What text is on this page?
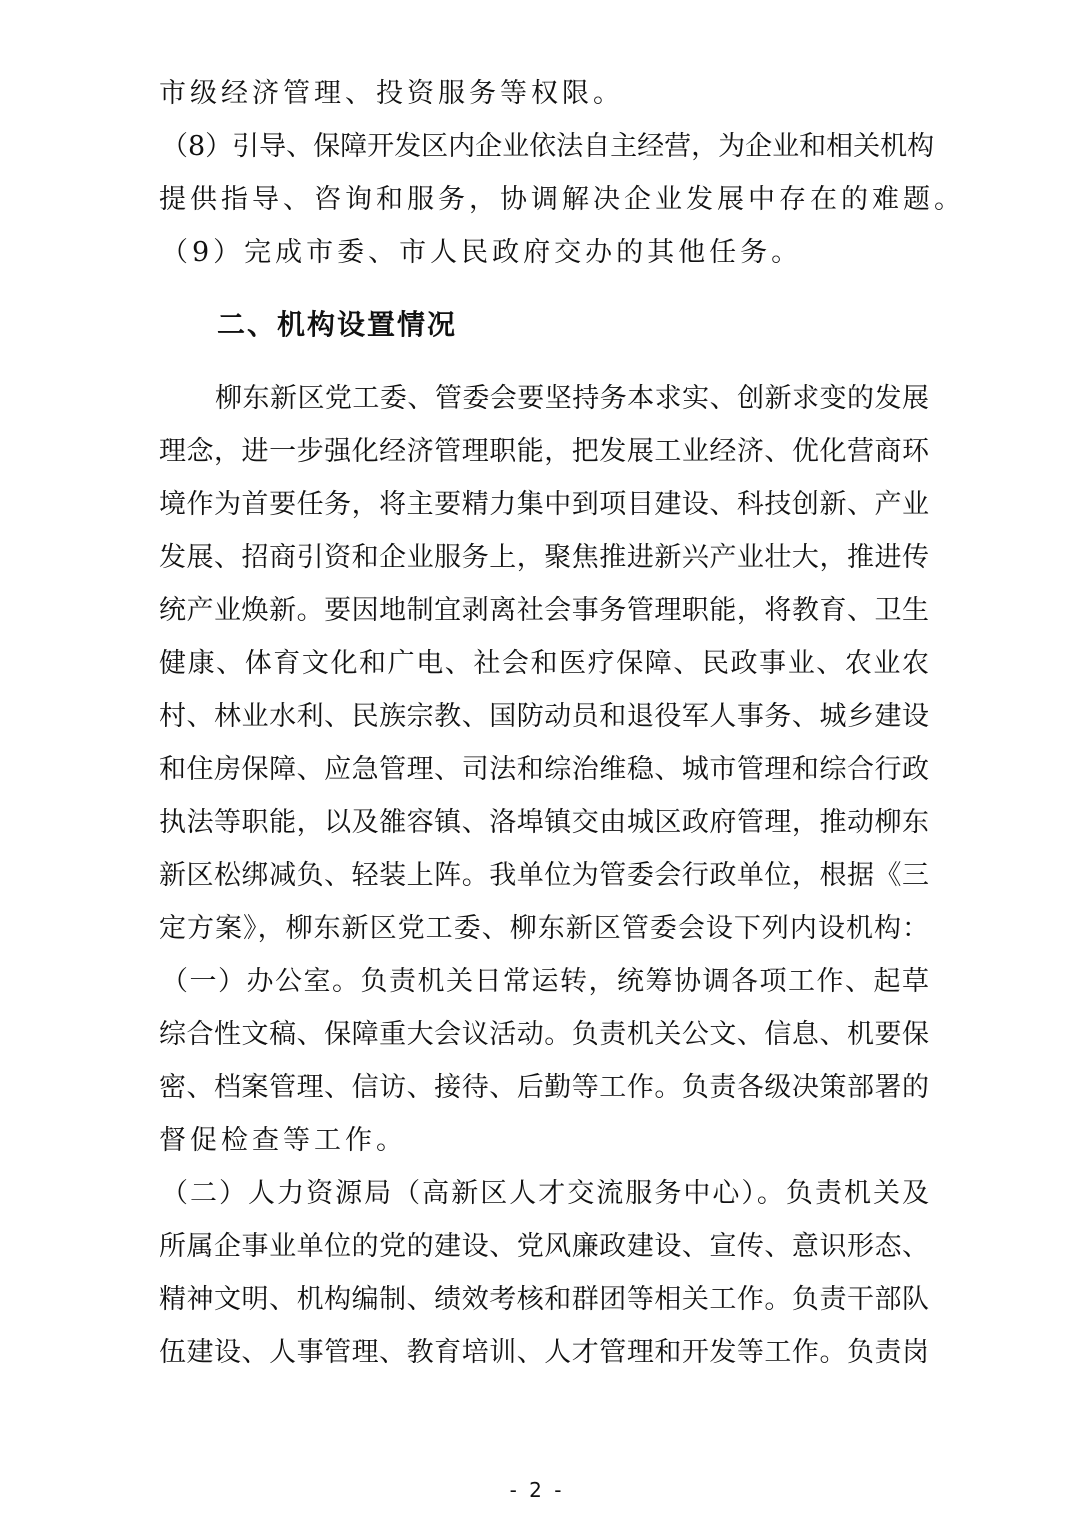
市级经济管理、投资服务等权限。
（8）引导、保障开发区内企业依法自主经营，为企业和相关机构
提供指导、咨询和服务，协调解决企业发展中存在的难题。
（9）完成市委、市人民政府交办的其他任务。
二、机构设置情况
柳东新区党工委、管委会要坚持务本求实、创新求变的发展
理念，进一步强化经济管理职能，把发展工业经济、优化营商环
境作为首要任务，将主要精力集中到项目建设、科技创新、产业
发展、招商引资和企业服务上，聚焦推进新兴产业壮大，推进传
统产业焕新。要因地制宜剥离社会事务管理职能，将教育、卫生
健康、体育文化和广电、社会和医疗保障、民政事业、农业农
村、林业水利、民族宗教、国防动员和退役军人事务、城乡建设
和住房保障、应急管理、司法和综治维稳、城市管理和综合行政
执法等职能，以及雒容镇、洛埠镇交由城区政府管理，推动柳东
新区松绑减负、轻装上阵。我单位为管委会行政单位，根据《三
定方案》，柳东新区党工委、柳东新区管委会设下列内设机构：
（一）办公室。负责机关日常运转，统筹协调各项工作、起草
综合性文稿、保障重大会议活动。负责机关公文、信息、机要保
密、档案管理、信访、接待、后勤等工作。负责各级决策部署的
督促检查等工作。
（二）人力资源局（高新区人才交流服务中心）。负责机关及
所属企事业单位的党的建设、党风廉政建设、宣传、意识形态、
精神文明、机构编制、绩效考核和群团等相关工作。负责干部队
伍建设、人事管理、教育培训、人才管理和开发等工作。负责岗
- 2 -
